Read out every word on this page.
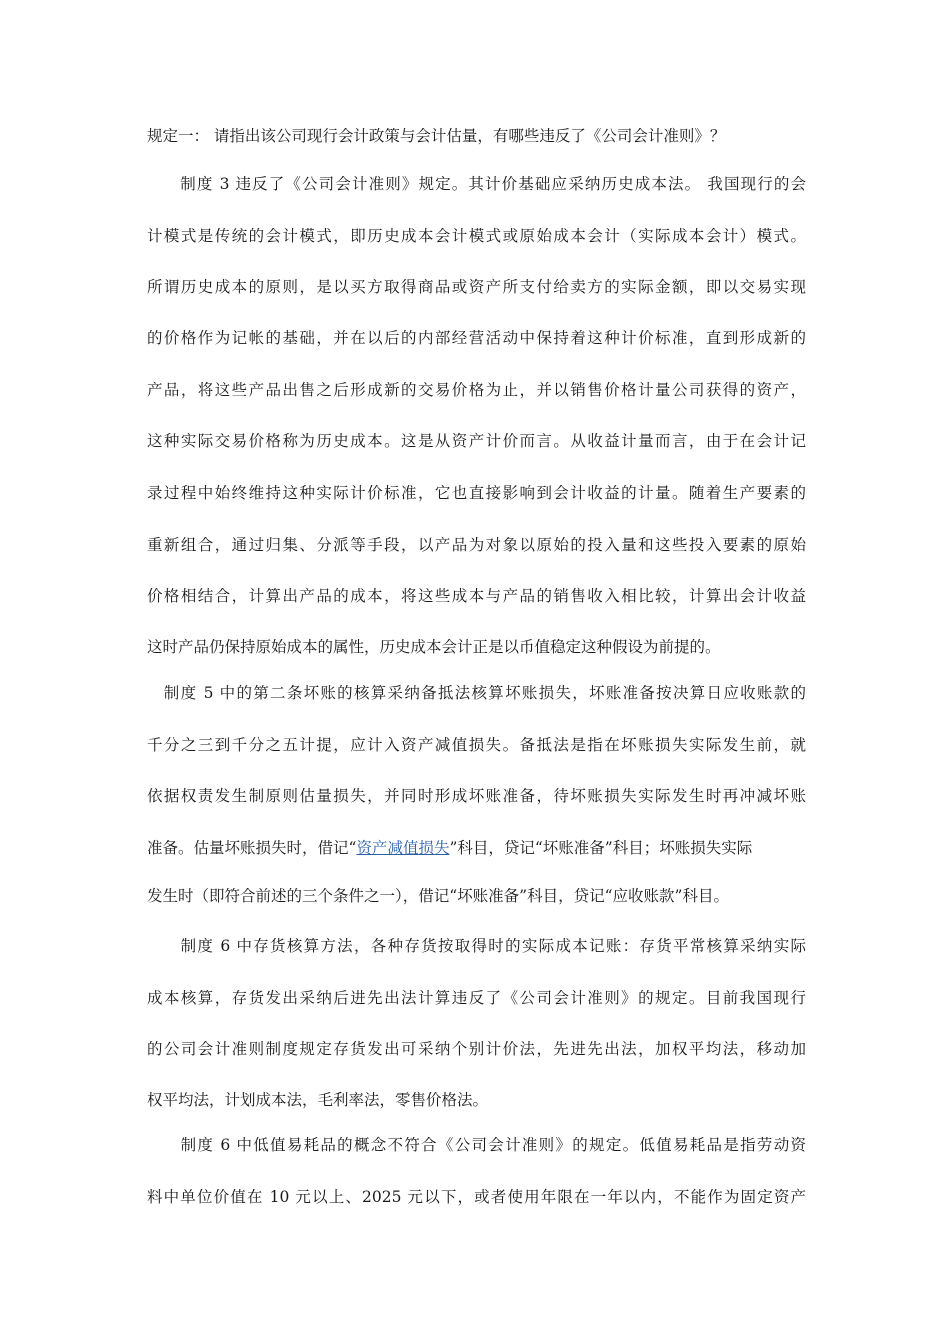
规定一： 请指出该公司现行会计政策与会计估量，有哪些违反了《公司会计准则》？
　　制度 3 违反了《公司会计准则》规定。其计价基础应采纳历史成本法。 我国现行的会
计模式是传统的会计模式，即历史成本会计模式或原始成本会计（实际成本会计）模式。
所谓历史成本的原则，是以买方取得商品或资产所支付给卖方的实际金额，即以交易实现
的价格作为记帐的基础，并在以后的内部经营活动中保持着这种计价标准，直到形成新的
产品，将这些产品出售之后形成新的交易价格为止，并以销售价格计量公司获得的资产，
这种实际交易价格称为历史成本。这是从资产计价而言。从收益计量而言，由于在会计记
录过程中始终维持这种实际计价标准，它也直接影响到会计收益的计量。随着生产要素的
重新组合，通过归集、分派等手段，以产品为对象以原始的投入量和这些投入要素的原始
价格相结合，计算出产品的成本，将这些成本与产品的销售收入相比较，计算出会计收益
这时产品仍保持原始成本的属性，历史成本会计正是以币值稳定这种假设为前提的。
　制度 5 中的第二条坏账的核算采纳备抵法核算坏账损失，坏账准备按决算日应收账款的
千分之三到千分之五计提，应计入资产减值损失。备抵法是指在坏账损失实际发生前，就
依据权责发生制原则估量损失，并同时形成坏账准备，待坏账损失实际发生时再冲减坏账
准备。估量坏账损失时，借记“资产减值损失”科目，贷记“坏账准备”科目；坏账损失实际
发生时（即符合前述的三个条件之一），借记“坏账准备”科目，贷记“应收账款”科目。
　　制度 6 中存货核算方法，各种存货按取得时的实际成本记账：存货平常核算采纳实际
成本核算，存货发出采纳后进先出法计算违反了《公司会计准则》的规定。目前我国现行
的公司会计准则制度规定存货发出可采纳个别计价法，先进先出法，加权平均法，移动加
权平均法，计划成本法，毛利率法，零售价格法。
　　制度 6 中低值易耗品的概念不符合《公司会计准则》的规定。低值易耗品是指劳动资
料中单位价值在 10 元以上、2025 元以下，或者使用年限在一年以内，不能作为固定资产
